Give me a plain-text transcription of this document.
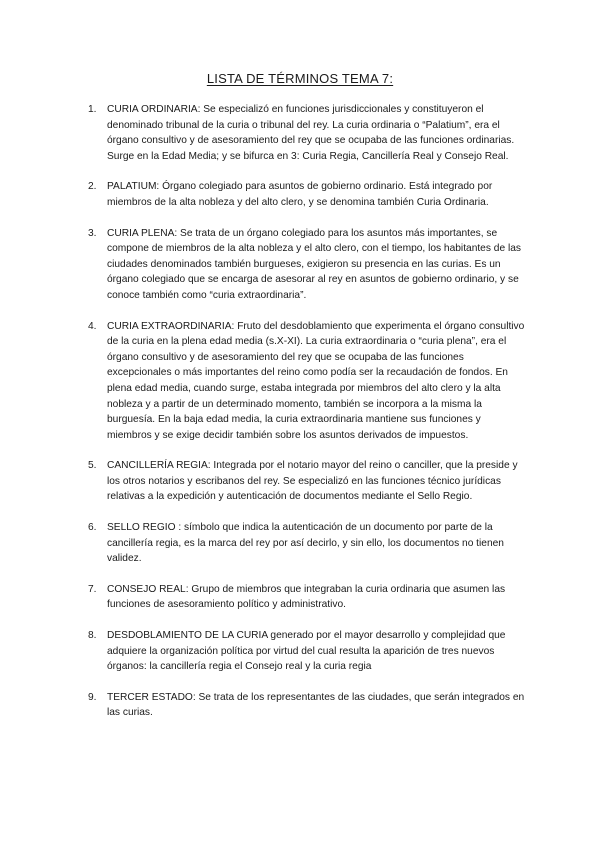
LISTA DE TÉRMINOS TEMA 7:
1. CURIA ORDINARIA: Se especializó en funciones jurisdiccionales y constituyeron el denominado tribunal de la curia o tribunal del rey. La curia ordinaria o “Palatium”, era el órgano consultivo y de asesoramiento del rey que se ocupaba de las funciones ordinarias. Surge en la Edad Media; y se bifurca en 3: Curia Regia, Cancillería Real y Consejo Real.
2. PALATIUM: Órgano colegiado para asuntos de gobierno ordinario. Está integrado por miembros de la alta nobleza y del alto clero, y se denomina también Curia Ordinaria.
3. CURIA PLENA: Se trata de un órgano colegiado para los asuntos más importantes, se compone de miembros de la alta nobleza y el alto clero, con el tiempo, los habitantes de las ciudades denominados también burgueses, exigieron su presencia en las curias. Es un órgano colegiado que se encarga de asesorar al rey en asuntos de gobierno ordinario, y se conoce también como “curia extraordinaria”.
4. CURIA EXTRAORDINARIA: Fruto del desdoblamiento que experimenta el órgano consultivo de la curia en la plena edad media (s.X-XI). La curia extraordinaria o “curia plena”, era el órgano consultivo y de asesoramiento del rey que se ocupaba de las funciones excepcionales o más importantes del reino como podía ser la recaudación de fondos. En plena edad media, cuando surge, estaba integrada por miembros del alto clero y la alta nobleza y a partir de un determinado momento, también se incorpora a la misma la burguesía. En la baja edad media, la curia extraordinaria mantiene sus funciones y miembros y se exige decidir también sobre los asuntos derivados de impuestos.
5. CANCILLERÍA REGIA: Integrada por el notario mayor del reino o canciller, que la preside y los otros notarios y escribanos del rey. Se especializó en las funciones técnico jurídicas relativas a la expedición y autenticación de documentos mediante el Sello Regio.
6. SELLO REGIO : símbolo que indica la autenticación de un documento por parte de la cancillería regia, es la marca del rey por así decirlo, y sin ello, los documentos no tienen validez.
7. CONSEJO REAL: Grupo de miembros que integraban la curia ordinaria que asumen las funciones de asesoramiento político y administrativo.
8. DESDOBLAMIENTO DE LA CURIA generado por el mayor desarrollo y complejidad que adquiere la organización política por virtud del cual resulta la aparición de tres nuevos órganos: la cancillería regia el Consejo real y la curia regia
9. TERCER ESTADO: Se trata de los representantes de las ciudades, que serán integrados en las curias.
